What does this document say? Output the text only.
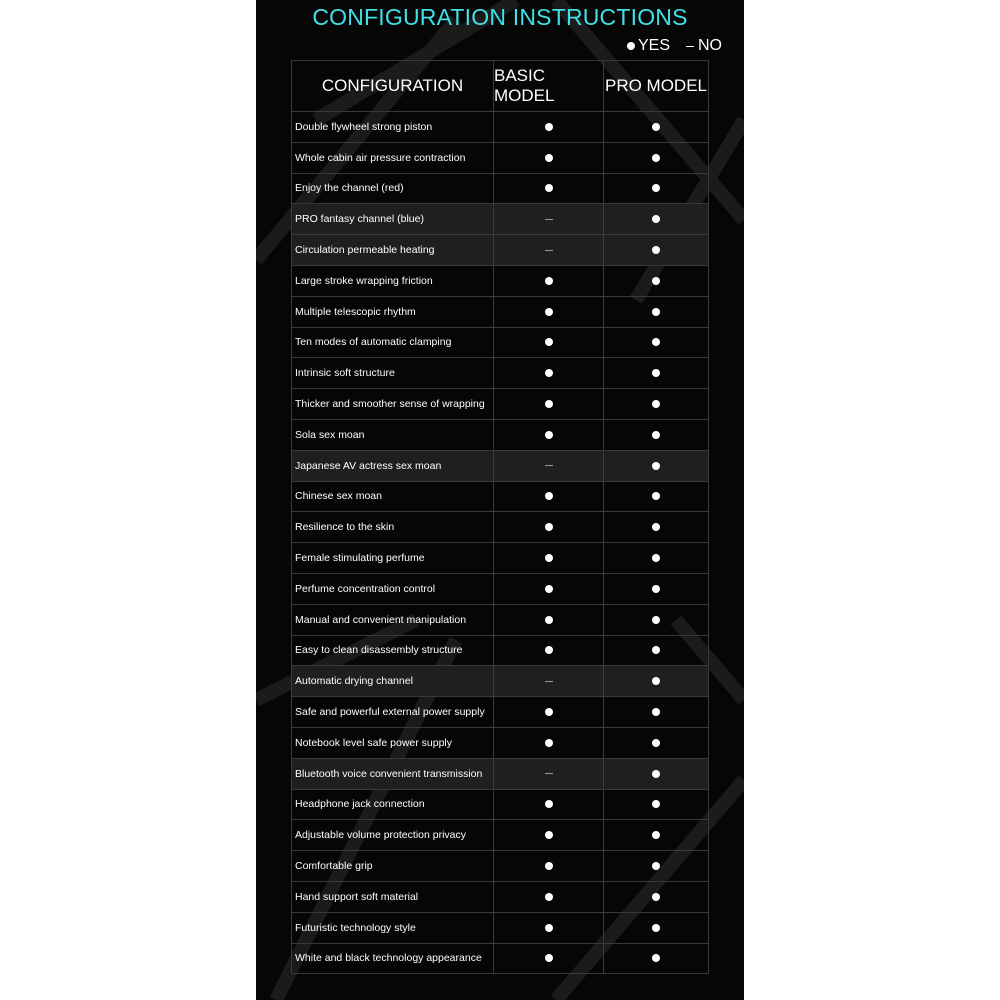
CONFIGURATION INSTRUCTIONS
YES NO
CONFIGURATION
BASIC MODEL
PRO MODEL
Double flywheel strong piston
Whole cabin air pressure contraction
Enjoy the channel (red)
PRO fantasy channel (blue)
Circulation permeable heating
Large stroke wrapping friction
Multiple telescopic rhythm
Ten modes of automatic clamping
Intrinsic soft structure
Thicker and smoother sense of wrapping
Sola sex moan
Japanese AV actress sex moan
Chinese sex moan
Resilience to the skin
Female stimulating perfume
Perfume concentration control
Manual and convenient manipulation
Easy to clean disassembly structure
Automatic drying channel
Safe and powerful external power supply
Notebook level safe power supply
Bluetooth voice convenient transmission
Headphone jack connection
Adjustable volume protection privacy
Comfortable grip
Hand support soft material
Futuristic technology style
White and black technology appearance
